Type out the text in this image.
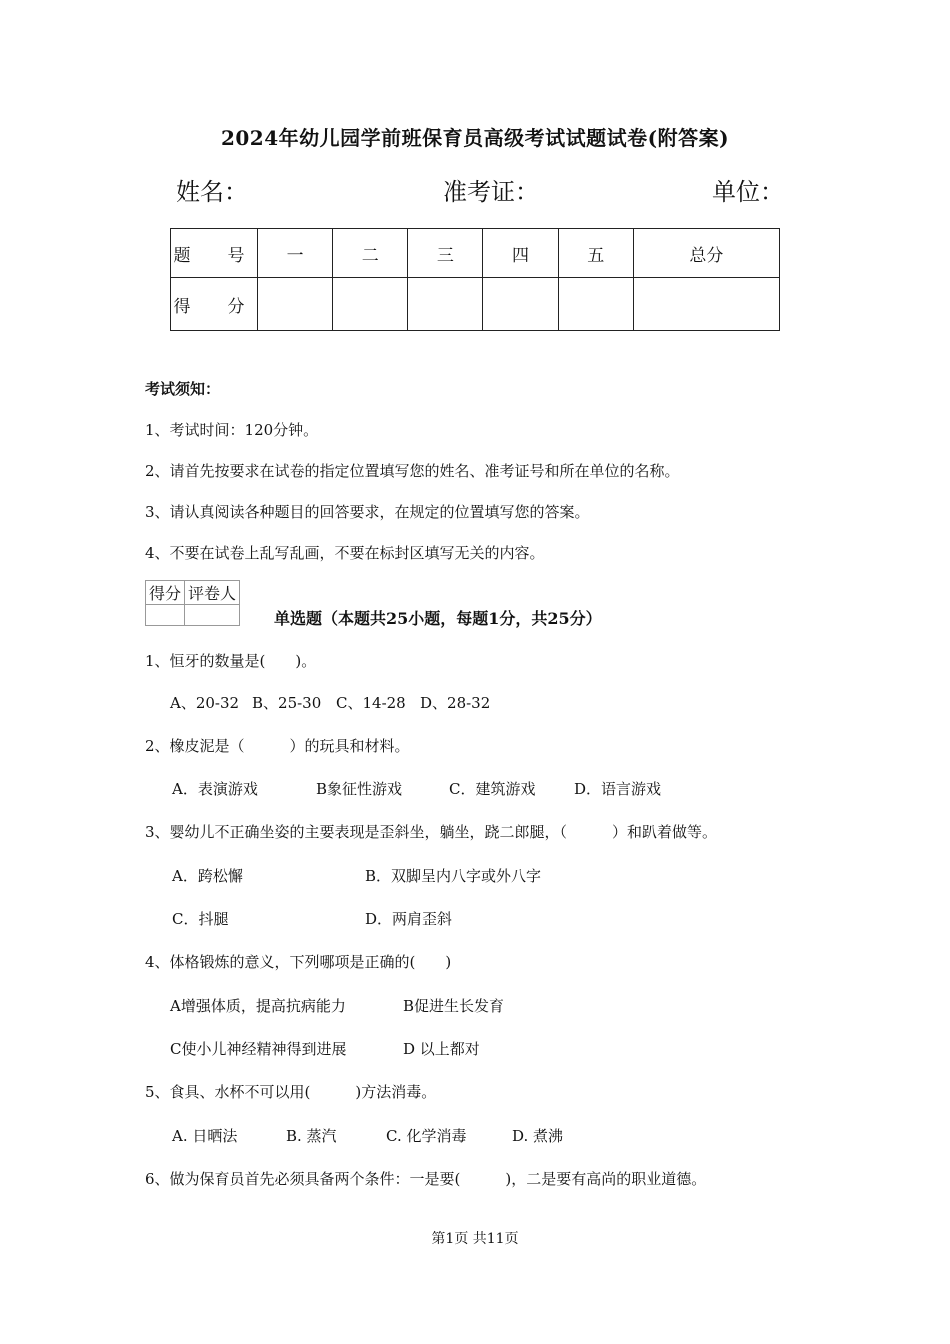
2024年幼儿园学前班保育员高级考试试题试卷(附答案)
姓名：	准考证：	单位：
题　号	一	二	三	四	五	总分
得　分						
考试须知：
1、考试时间：120分钟。
2、请首先按要求在试卷的指定位置填写您的姓名、准考证号和所在单位的名称。
3、请认真阅读各种题目的回答要求，在规定的位置填写您的答案。
4、不要在试卷上乱写乱画，不要在标封区填写无关的内容。
得分	评卷人

单选题（本题共25小题，每题1分，共25分）
1、恒牙的数量是(　　)。
A、20-32 B、25-30 C、14-28 D、28-32
2、橡皮泥是（　　　）的玩具和材料。
A．表演游戏	B象征性游戏	C．建筑游戏	D．语言游戏
3、婴幼儿不正确坐姿的主要表现是歪斜坐，躺坐，跷二郎腿，（　　　）和趴着做等。
A．跨松懈	B．双脚呈内八字或外八字
C．抖腿	D．两肩歪斜
4、体格锻炼的意义，下列哪项是正确的(　　)
A增强体质，提高抗病能力	B促进生长发育
C使小儿神经精神得到进展	D 以上都对
5、食具、水杯不可以用(　　　)方法消毒。
A. 日晒法	B. 蒸汽	C. 化学消毒	D. 煮沸
6、做为保育员首先必须具备两个条件：一是要(　　　)，二是要有高尚的职业道德。
第1页 共11页
